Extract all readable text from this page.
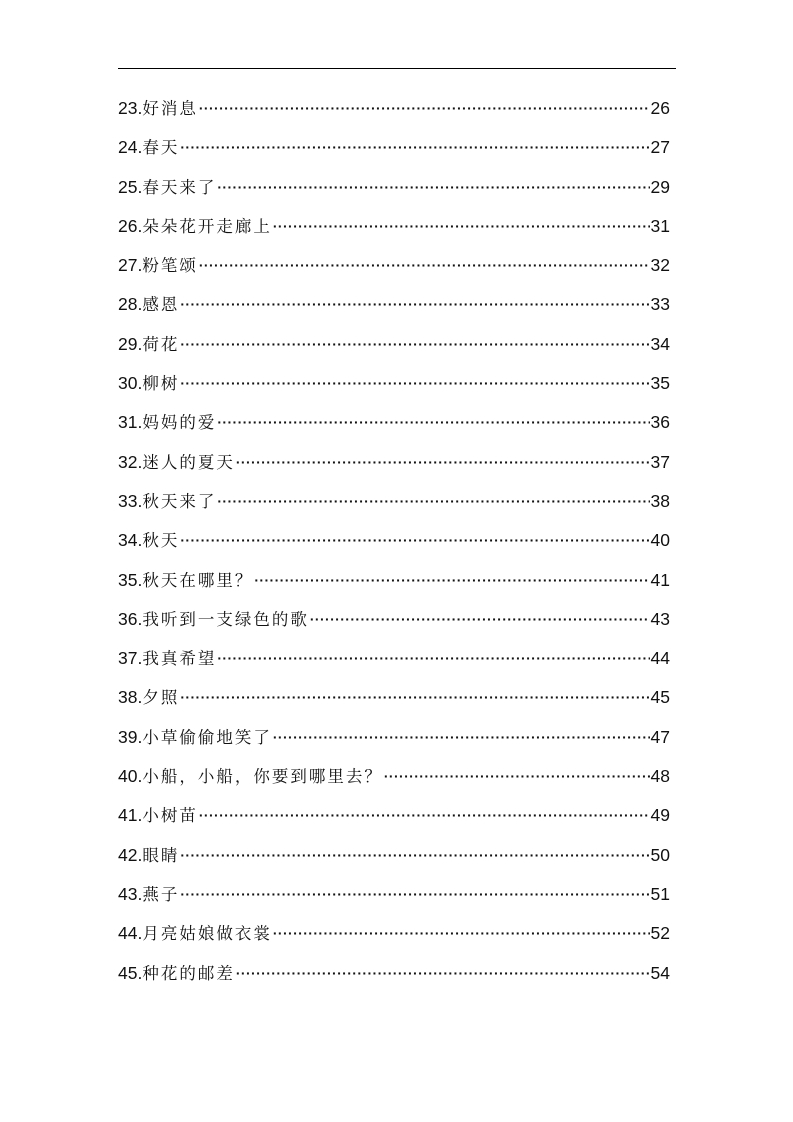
23. 好消息 ·····	26
24. 春天 ·····	27
25. 春天来了 ·····	29
26. 朵朵花开走廊上 ·····	31
27. 粉笔颂 ·····	32
28. 感恩 ·····	33
29. 荷花 ·····	34
30. 柳树 ·····	35
31. 妈妈的爱 ·····	36
32. 迷人的夏天 ·····	37
33. 秋天来了 ·····	38
34. 秋天 ·····	40
35. 秋天在哪里？ ·····	41
36. 我听到一支绿色的歌 ·····	43
37. 我真希望 ·····	44
38. 夕照 ·····	45
39. 小草偷偷地笑了 ·····	47
40. 小船，小船，你要到哪里去？ ·····	48
41. 小树苗 ·····	49
42. 眼睛 ·····	50
43. 燕子 ·····	51
44. 月亮姑娘做衣裳 ·····	52
45. 种花的邮差 ·····	54
